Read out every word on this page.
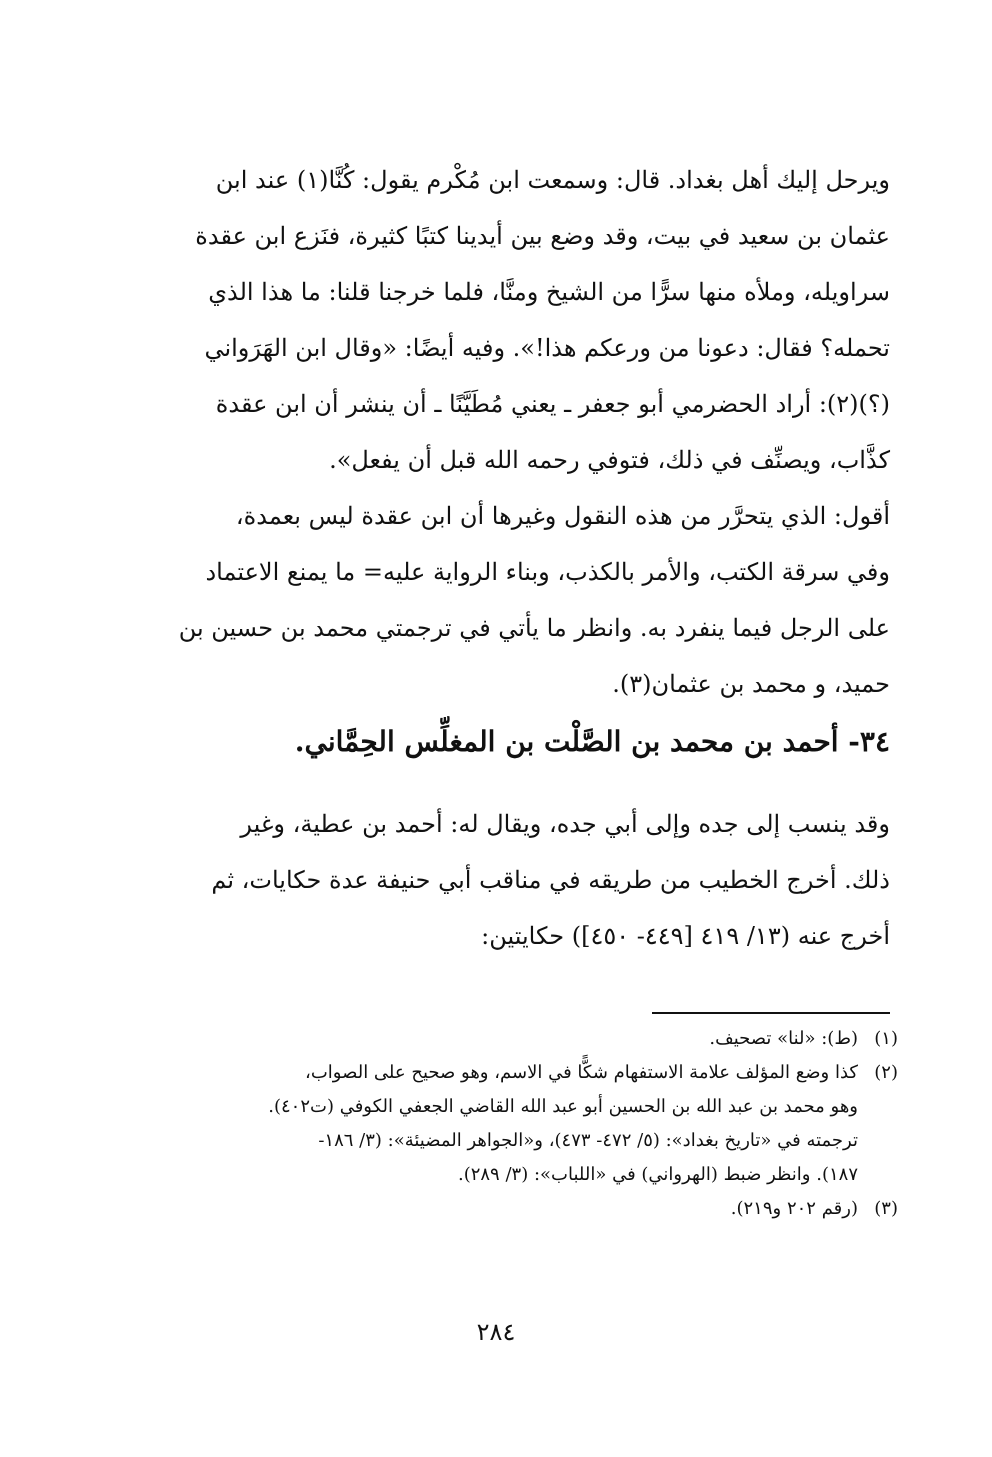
ويرحل إليك أهل بغداد. قال: وسمعت ابن مُكْرم يقول: كُنَّا(١) عند ابن

عثمان بن سعيد في بيت، وقد وضع بين أيدينا كتبًا كثيرة، فنَزع ابن عقدة

سراويله، وملأه منها سرًّا من الشيخ ومنَّا، فلما خرجنا قلنا: ما هذا الذي

تحمله؟ فقال: دعونا من ورعكم هذا!». وفيه أيضًا: «وقال ابن الهَرَواني

(؟)(٢): أراد الحضرمي أبو جعفر ـ يعني مُطَيَّنًا ـ أن ينشر أن ابن عقدة

كذَّاب، ويصنِّف في ذلك، فتوفي رحمه الله قبل أن يفعل».

أقول: الذي يتحرَّر من هذه النقول وغيرها أن ابن عقدة ليس بعمدة،

وفي سرقة الكتب، والأمر بالكذب، وبناء الرواية عليه= ما يمنع الاعتماد

على الرجل فيما ينفرد به. وانظر ما يأتي في ترجمتي محمد بن حسين بن

حميد، و محمد بن عثمان(٣).

٣٤- أحمد بن محمد بن الصَّلْت بن المغلِّس الحِمَّاني.

وقد ينسب إلى جده وإلى أبي جده، ويقال له: أحمد بن عطية، وغير

ذلك. أخرج الخطيب من طريقه في مناقب أبي حنيفة عدة حكايات، ثم

أخرج عنه (١٣/ ٤١٩ [٤٤٩- ٤٥٠]) حكايتين:

(١)
(ط): «لنا» تصحيف.
(٢)
كذا وضع المؤلف علامة الاستفهام شكًّا في الاسم، وهو صحيح على الصواب،
وهو محمد بن عبد الله بن الحسين أبو عبد الله القاضي الجعفي الكوفي (ت٤٠٢).
ترجمته في «تاريخ بغداد»: (٥/ ٤٧٢- ٤٧٣)، و«الجواهر المضيئة»: (٣/ ١٨٦-
١٨٧). وانظر ضبط (الهرواني) في «اللباب»: (٣/ ٢٨٩).
(٣)
(رقم ٢٠٢ و٢١٩).
٢٨٤
